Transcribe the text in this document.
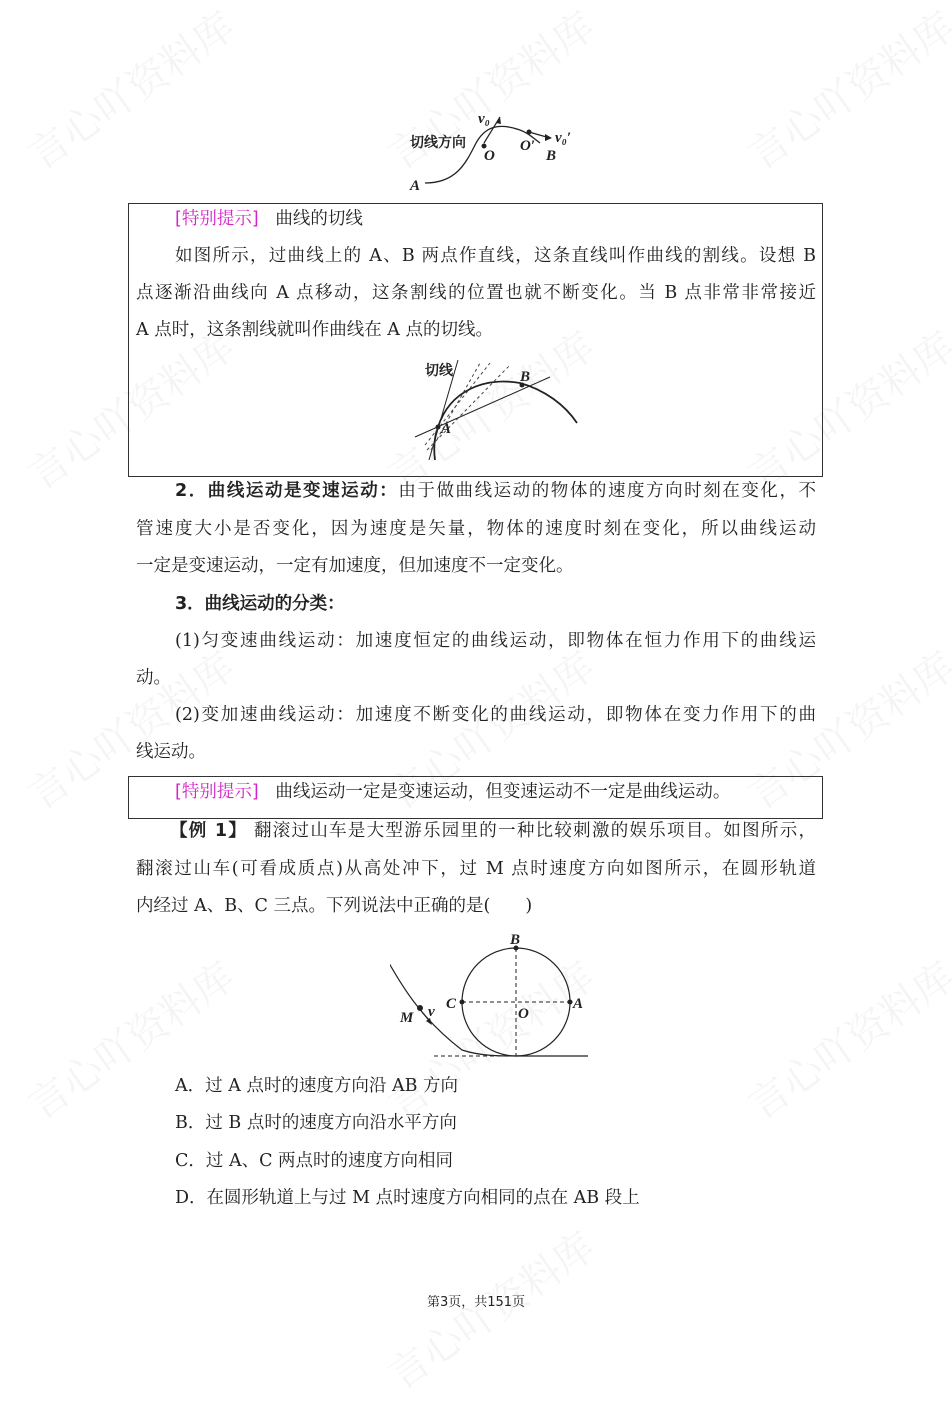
切线方向
v₀
v₀′
O
O′
B
A
[特别提示] 曲线的切线
如图所示，过曲线上的 A、B 两点作直线，这条直线叫作曲线的割线。设想 B
点逐渐沿曲线向 A 点移动，这条割线的位置也就不断变化。当 B 点非常非常接近
A 点时，这条割线就叫作曲线在 A 点的切线。
切线
A
B
2．曲线运动是变速运动：由于做曲线运动的物体的速度方向时刻在变化，不
管速度大小是否变化，因为速度是矢量，物体的速度时刻在变化，所以曲线运动
一定是变速运动，一定有加速度，但加速度不一定变化。
3．曲线运动的分类：
(1)匀变速曲线运动：加速度恒定的曲线运动，即物体在恒力作用下的曲线运
动。
(2)变加速曲线运动：加速度不断变化的曲线运动，即物体在变力作用下的曲
线运动。
[特别提示] 曲线运动一定是变速运动，但变速运动不一定是曲线运动。
【例 1】 翻滚过山车是大型游乐园里的一种比较刺激的娱乐项目。如图所示，
翻滚过山车(可看成质点)从高处冲下，过 M 点时速度方向如图所示，在圆形轨道
内经过 A、B、C 三点。下列说法中正确的是(　　)
B
C	A
O
M v
A．过 A 点时的速度方向沿 AB 方向
B．过 B 点时的速度方向沿水平方向
C．过 A、C 两点时的速度方向相同
D．在圆形轨道上与过 M 点时速度方向相同的点在 AB 段上
第3页，共151页
